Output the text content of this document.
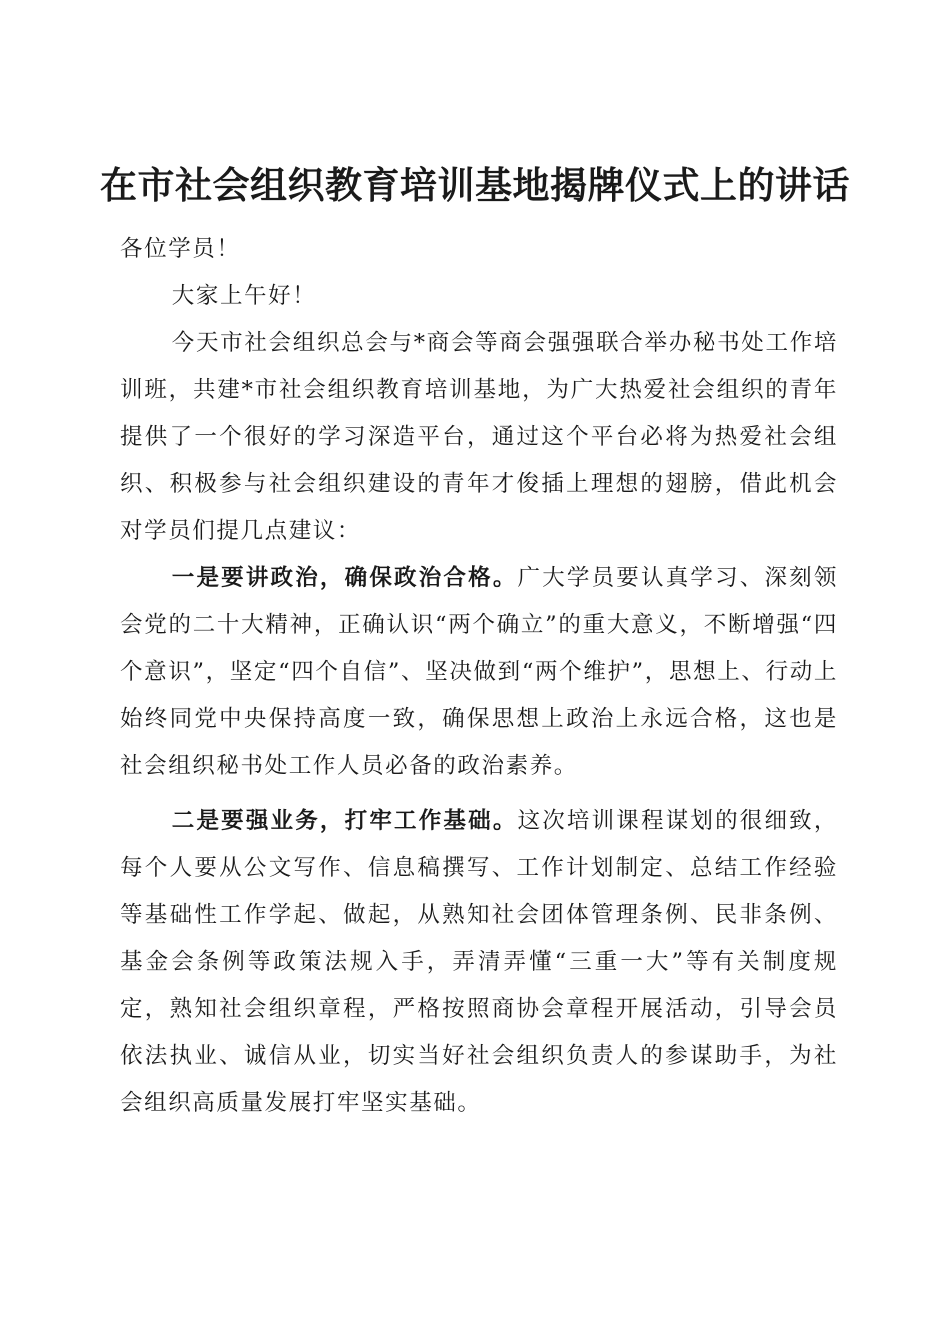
在市社会组织教育培训基地揭牌仪式上的讲话

各位学员！

大家上午好！

今天市社会组织总会与*商会等商会强强联合举办秘书处工作培训班，共建*市社会组织教育培训基地，为广大热爱社会组织的青年提供了一个很好的学习深造平台，通过这个平台必将为热爱社会组织、积极参与社会组织建设的青年才俊插上理想的翅膀，借此机会对学员们提几点建议：

一是要讲政治，确保政治合格。广大学员要认真学习、深刻领会党的二十大精神，正确认识“两个确立”的重大意义，不断增强“四个意识”，坚定“四个自信”、坚决做到“两个维护”，思想上、行动上始终同党中央保持高度一致，确保思想上政治上永远合格，这也是社会组织秘书处工作人员必备的政治素养。

二是要强业务，打牢工作基础。这次培训课程谋划的很细致，每个人要从公文写作、信息稿撰写、工作计划制定、总结工作经验等基础性工作学起、做起，从熟知社会团体管理条例、民非条例、基金会条例等政策法规入手，弄清弄懂“三重一大”等有关制度规定，熟知社会组织章程，严格按照商协会章程开展活动，引导会员依法执业、诚信从业，切实当好社会组织负责人的参谋助手，为社会组织高质量发展打牢坚实基础。
